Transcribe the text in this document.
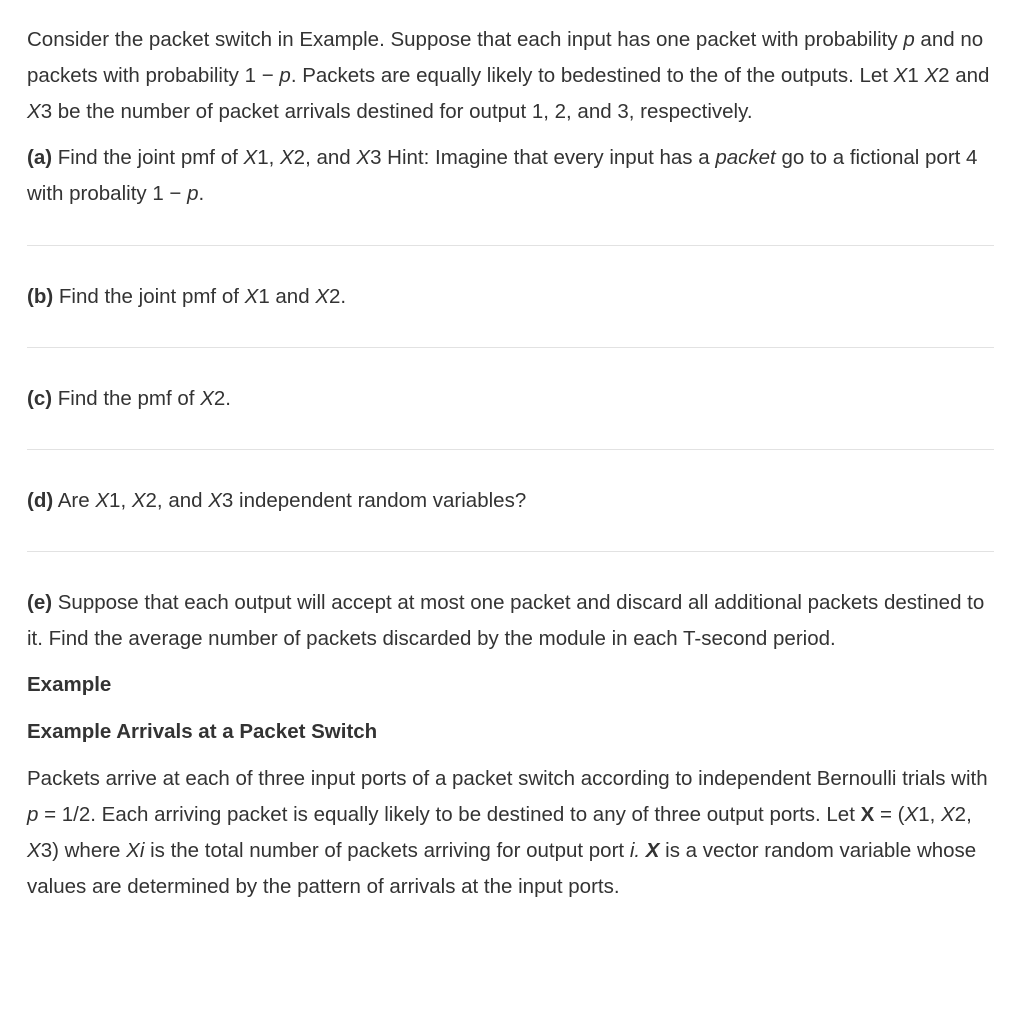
Consider the packet switch in Example. Suppose that each input has one packet with probability p and no packets with probability 1 − p. Packets are equally likely to bedestined to the of the outputs. Let X1 X2 and X3 be the number of packet arrivals destined for output 1, 2, and 3, respectively.

(a) Find the joint pmf of X1, X2, and X3 Hint: Imagine that every input has a packet go to a fictional port 4 with probality 1 − p.

(b) Find the joint pmf of X1 and X2.

(c) Find the pmf of X2.

(d) Are X1, X2, and X3 independent random variables?

(e) Suppose that each output will accept at most one packet and discard all additional packets destined to it. Find the average number of packets discarded by the module in each T-second period.

Example

Example Arrivals at a Packet Switch

Packets arrive at each of three input ports of a packet switch according to independent Bernoulli trials with p = 1/2. Each arriving packet is equally likely to be destined to any of three output ports. Let X = (X1, X2, X3) where Xi is the total number of packets arriving for output port i. X is a vector random variable whose values are determined by the pattern of arrivals at the input ports.
